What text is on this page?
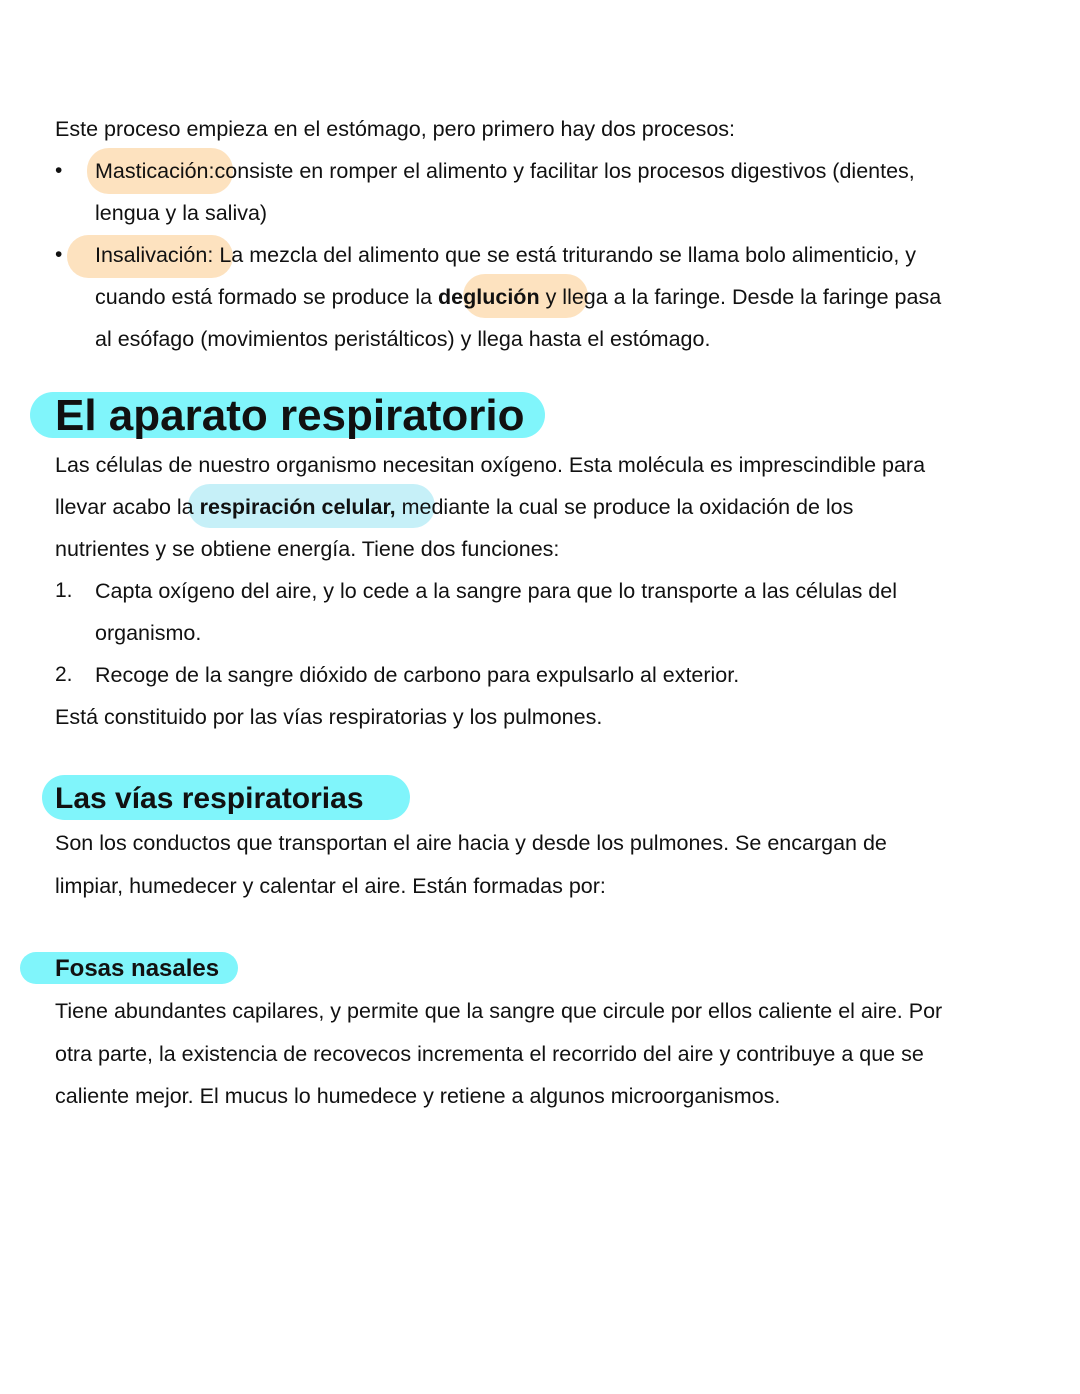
Este proceso empieza en el estómago, pero primero hay dos procesos:
• Masticación:consiste en romper el alimento y facilitar los procesos digestivos (dientes,
lengua y la saliva)
• Insalivación: La mezcla del alimento que se está triturando se llama bolo alimenticio, y
cuando está formado se produce la deglución y llega a la faringe. Desde la faringe pasa
al esófago (movimientos peristálticos) y llega hasta el estómago.
El aparato respiratorio
Las células de nuestro organismo necesitan oxígeno. Esta molécula es imprescindible para
llevar acabo la respiración celular, mediante la cual se produce la oxidación de los
nutrientes y se obtiene energía. Tiene dos funciones:
1. Capta oxígeno del aire, y lo cede a la sangre para que lo transporte a las células del
organismo.
2. Recoge de la sangre dióxido de carbono para expulsarlo al exterior.
Está constituido por las vías respiratorias y los pulmones.
Las vías respiratorias
Son los conductos que transportan el aire hacia y desde los pulmones. Se encargan de
limpiar, humedecer y calentar el aire. Están formadas por:
Fosas nasales
Tiene abundantes capilares, y permite que la sangre que circule por ellos caliente el aire. Por
otra parte, la existencia de recovecos incrementa el recorrido del aire y contribuye a que se
caliente mejor. El mucus lo humedece y retiene a algunos microorganismos.
